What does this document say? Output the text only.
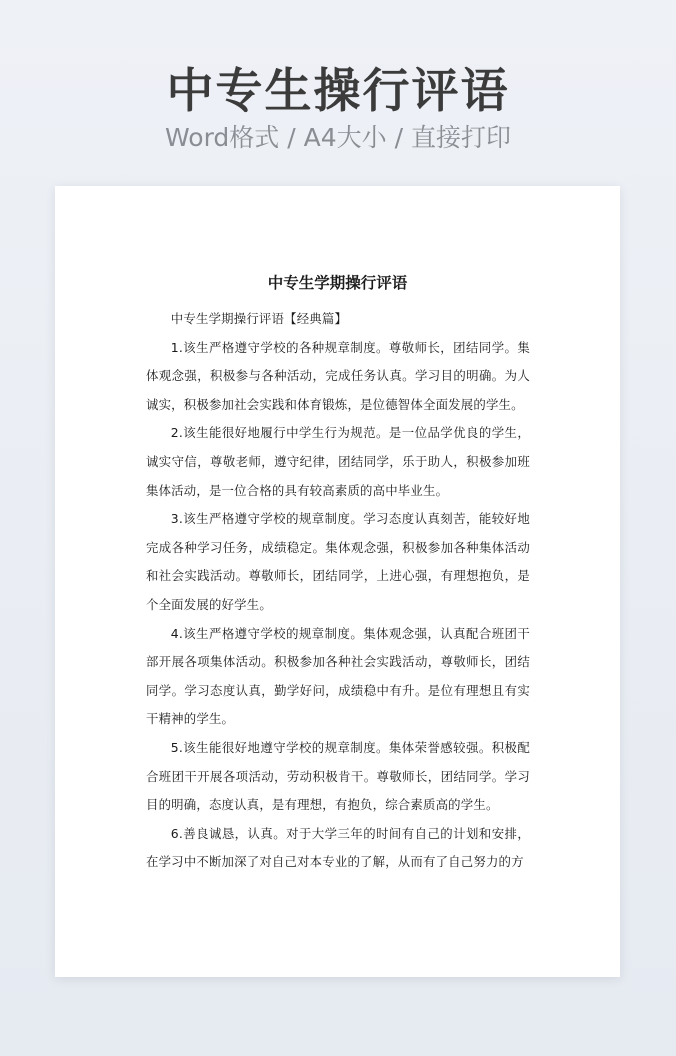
中专生操行评语
Word格式 / A4大小 / 直接打印
中专生学期操行评语

中专生学期操行评语【经典篇】

1.该生严格遵守学校的各种规章制度。尊敬师长，团结同学。集体观念强，积极参与各种活动，完成任务认真。学习目的明确。为人诚实，积极参加社会实践和体育锻炼，是位德智体全面发展的学生。

2.该生能很好地履行中学生行为规范。是一位品学优良的学生，诚实守信，尊敬老师，遵守纪律，团结同学，乐于助人，积极参加班集体活动，是一位合格的具有较高素质的高中毕业生。

3.该生严格遵守学校的规章制度。学习态度认真刻苦，能较好地完成各种学习任务，成绩稳定。集体观念强，积极参加各种集体活动和社会实践活动。尊敬师长，团结同学，上进心强，有理想抱负，是个全面发展的好学生。

4.该生严格遵守学校的规章制度。集体观念强，认真配合班团干部开展各项集体活动。积极参加各种社会实践活动，尊敬师长，团结同学。学习态度认真，勤学好问，成绩稳中有升。是位有理想且有实干精神的学生。

5.该生能很好地遵守学校的规章制度。集体荣誉感较强。积极配合班团干开展各项活动，劳动积极肯干。尊敬师长，团结同学。学习目的明确，态度认真，是有理想，有抱负，综合素质高的学生。

6.善良诚恳，认真。对于大学三年的时间有自己的计划和安排，在学习中不断加深了对自己对本专业的了解，从而有了自己努力的方
